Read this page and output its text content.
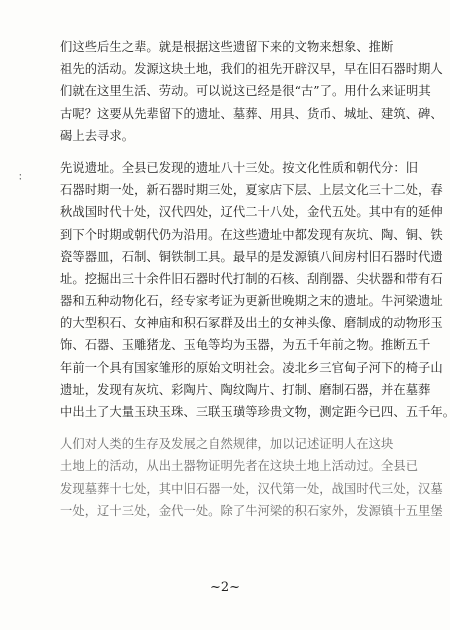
：
们这些后生之辈。就是根据这些遗留下来的文物来想象、推断
祖先的活动。发源这块土地，我们的祖先开辟汉早，早在旧石器时期人
们就在这里生活、劳动。可以说这已经是很“古”了。用什么来证明其
古呢？这要从先辈留下的遗址、墓葬、用具、货币、城址、建筑、碑、
碣上去寻求。
先说遗址。全县已发现的遗址八十三处。按文化性质和朝代分：旧
石器时期一处，新石器时期三处，夏家店下层、上层文化三十二处，春
秋战国时代十处，汉代四处，辽代二十八处，金代五处。其中有的延伸
到下个时期或朝代仍为沿用。在这些遗址中都发现有灰坑、陶、铜、铁
瓷等器皿，石制、铜铁制工具。最早的是发源镇八间房村旧石器时代遗
址。挖掘出三十余件旧石器时代打制的石核、刮削器、尖状器和带有石
器和五种动物化石，经专家考证为更新世晚期之末的遗址。牛河梁遗址
的大型积石、女神庙和积石冢群及出土的女神头像、磨制成的动物形玉
饰、石器、玉雕猪龙、玉龟等均为玉器，为五千年前之物。推断五千
年前一个具有国家雏形的原始文明社会。凌北乡三官甸子河下的椅子山
遗址，发现有灰坑、彩陶片、陶纹陶片、打制、磨制石器，并在墓葬
中出土了大量玉玦玉珠、三联玉璜等珍贵文物，测定距今已四、五千年。
人们对人类的生存及发展之自然规律，加以记述证明人在这块
土地上的活动，从出土器物证明先者在这块土地上活动过。全县已
发现墓葬十七处，其中旧石器一处，汉代第一处，战国时代三处，汉墓
一处，辽十三处，金代一处。除了牛河梁的积石家外，发源镇十五里堡
~2~
